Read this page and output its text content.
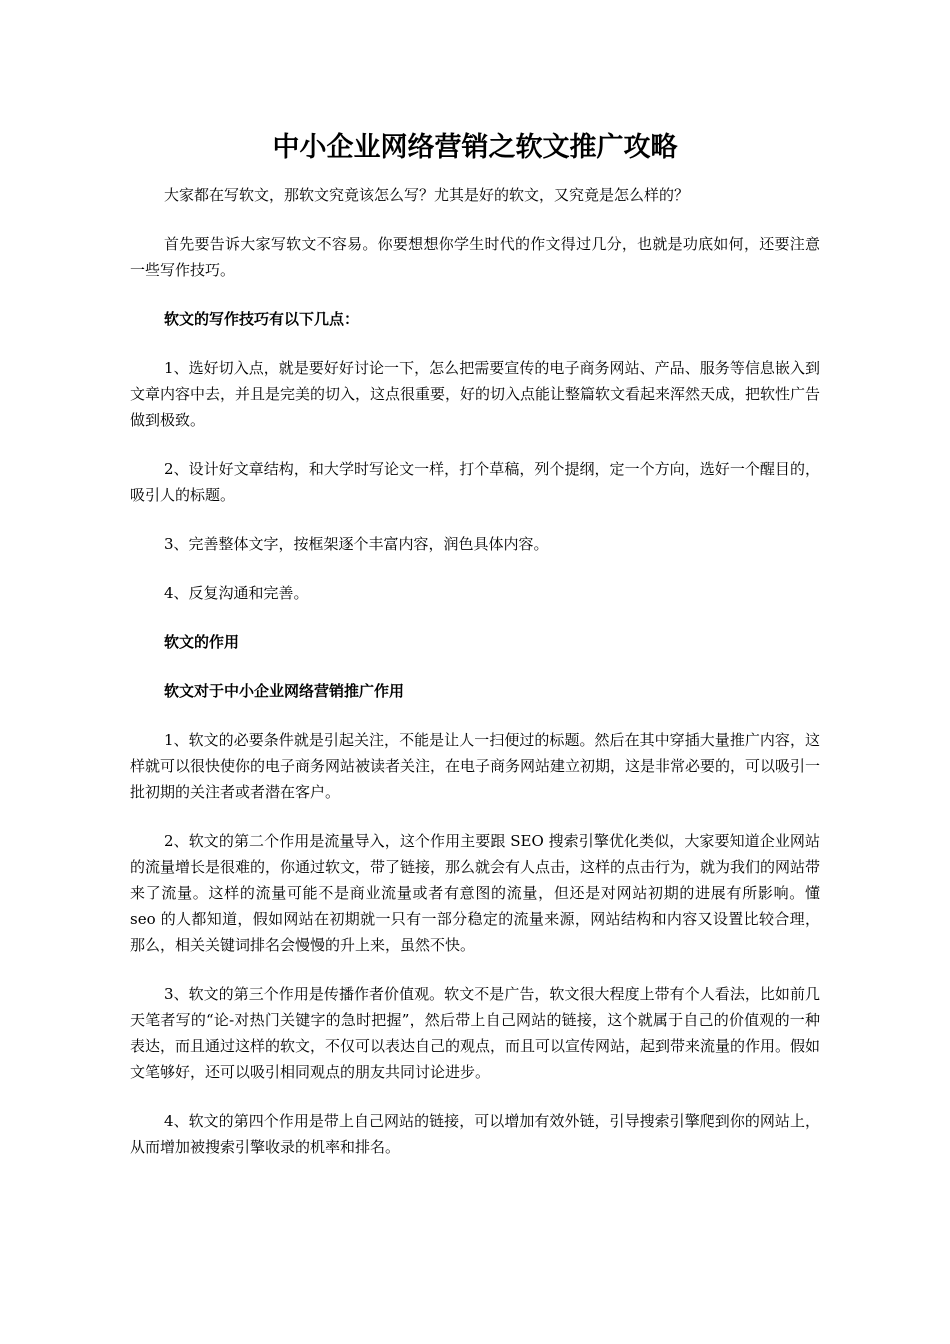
中小企业网络营销之软文推广攻略

大家都在写软文，那软文究竟该怎么写？尤其是好的软文，又究竟是怎么样的？

首先要告诉大家写软文不容易。你要想想你学生时代的作文得过几分，也就是功底如何，还要注意一些写作技巧。

软文的写作技巧有以下几点：

1、选好切入点，就是要好好讨论一下，怎么把需要宣传的电子商务网站、产品、服务等信息嵌入到文章内容中去，并且是完美的切入，这点很重要，好的切入点能让整篇软文看起来浑然天成，把软性广告做到极致。

2、设计好文章结构，和大学时写论文一样，打个草稿，列个提纲，定一个方向，选好一个醒目的，吸引人的标题。

3、完善整体文字，按框架逐个丰富内容，润色具体内容。

4、反复沟通和完善。

软文的作用

软文对于中小企业网络营销推广作用

1、软文的必要条件就是引起关注，不能是让人一扫便过的标题。然后在其中穿插大量推广内容，这样就可以很快使你的电子商务网站被读者关注，在电子商务网站建立初期，这是非常必要的，可以吸引一批初期的关注者或者潜在客户。

2、软文的第二个作用是流量导入，这个作用主要跟 SEO 搜索引擎优化类似，大家要知道企业网站的流量增长是很难的，你通过软文，带了链接，那么就会有人点击，这样的点击行为，就为我们的网站带来了流量。这样的流量可能不是商业流量或者有意图的流量，但还是对网站初期的进展有所影响。懂 seo 的人都知道，假如网站在初期就一只有一部分稳定的流量来源，网站结构和内容又设置比较合理，那么，相关关键词排名会慢慢的升上来，虽然不快。

3、软文的第三个作用是传播作者价值观。软文不是广告，软文很大程度上带有个人看法，比如前几天笔者写的“论-对热门关键字的急时把握”，然后带上自己网站的链接，这个就属于自己的价值观的一种表达，而且通过这样的软文，不仅可以表达自己的观点，而且可以宣传网站，起到带来流量的作用。假如文笔够好，还可以吸引相同观点的朋友共同讨论进步。

4、软文的第四个作用是带上自己网站的链接，可以增加有效外链，引导搜索引擎爬到你的网站上，从而增加被搜索引擎收录的机率和排名。
